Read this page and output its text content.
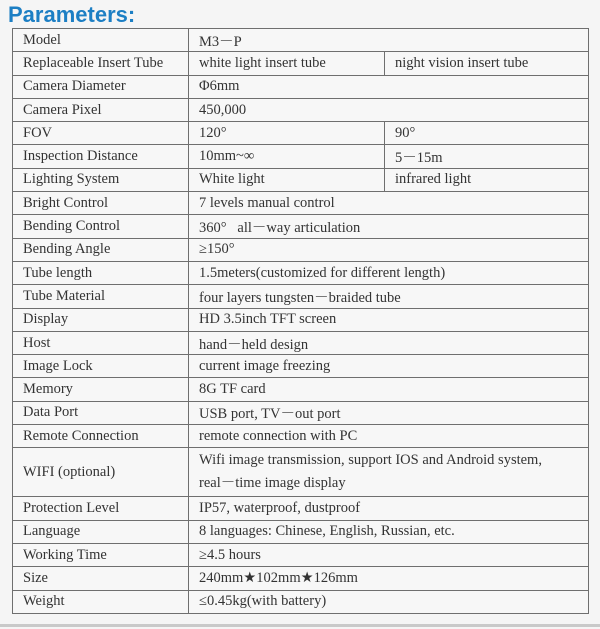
Parameters:
Model	M3－P	
Replaceable Insert Tube	white light insert tube	night vision insert tube
Camera Diameter	Φ6mm	
Camera Pixel	450,000	
FOV	120°	90°
Inspection Distance	10mm~∞	5－15m
Lighting System	White light	infrared light
Bright Control	7 levels manual control	
Bending Control	360°   all－way articulation	
Bending Angle	≥150°	
Tube length	1.5meters(customized for different length)	
Tube Material	four layers tungsten－braided tube	
Display	HD 3.5inch TFT screen	
Host	hand－held design	
Image Lock	current image freezing	
Memory	8G TF card	
Data Port	USB port, TV－out port	
Remote Connection	remote connection with PC	
WIFI (optional)	Wifi image transmission, support IOS and Android system,
real－time image display	

Protection Level	IP57, waterproof, dustproof	
Language	8 languages: Chinese, English, Russian, etc.	
Working Time	≥4.5 hours	
Size	240mm★102mm★126mm	
Weight	≤0.45kg(with battery)	
